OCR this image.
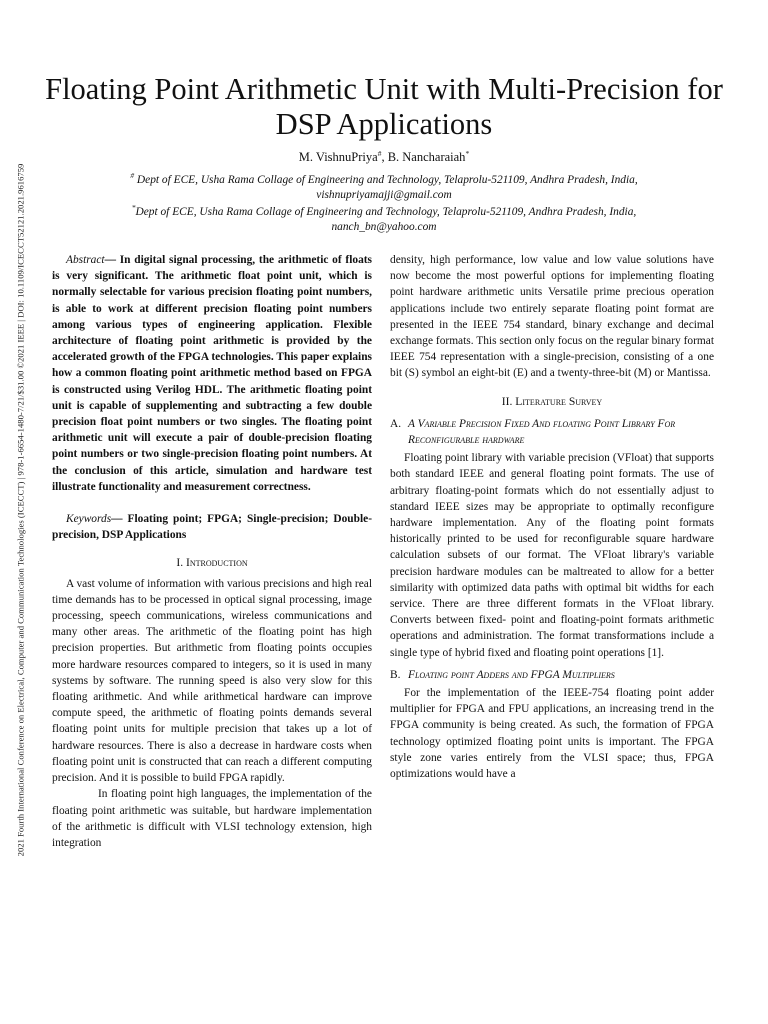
2021 Fourth International Conference on Electrical, Computer and Communication Technologies (ICECCT) | 978-1-6654-1480-7/21/$31.00 ©2021 IEEE | DOI: 10.1109/ICECCT52121.2021.9616759
Floating Point Arithmetic Unit with Multi-Precision for DSP Applications
M. VishnuPriya#, B. Nancharaiah*
# Dept of ECE, Usha Rama Collage of Engineering and Technology, Telaprolu-521109, Andhra Pradesh, India,
vishnupriyamajji@gmail.com
*Dept of ECE, Usha Rama Collage of Engineering and Technology, Telaprolu-521109, Andhra Pradesh, India,
nanch_bn@yahoo.com

Abstract— In digital signal processing, the arithmetic of floats is very significant. The arithmetic float point unit, which is normally selectable for various precision floating point numbers, is able to work at different precision floating point numbers among various types of engineering application. Flexible architecture of floating point arithmetic is provided by the accelerated growth of the FPGA technologies. This paper explains how a common floating point arithmetic method based on FPGA is constructed using Verilog HDL. The arithmetic floating point unit is capable of supplementing and subtracting a few double precision float point numbers or two singles. The floating point arithmetic unit will execute a pair of double-precision floating point numbers or two single-precision floating point numbers. At the conclusion of this article, simulation and hardware test illustrate functionality and measurement correctness.

Keywords— Floating point; FPGA; Single-precision; Double-precision, DSP Applications

I. Introduction

A vast volume of information with various precisions and high real time demands has to be processed in optical signal processing, image processing, speech communications, wireless communications and many other areas. The arithmetic of the floating point has high precision properties. But arithmetic from floating points occupies more hardware resources compared to integers, so it is used in many systems by software. The running speed is also very slow for this floating arithmetic. And while arithmetical hardware can improve compute speed, the arithmetic of floating points demands several floating point units for multiple precision that takes up a lot of hardware resources. There is also a decrease in hardware costs when floating point unit is constructed that can reach a different computing precision. And it is possible to build FPGA rapidly.

In floating point high languages, the implementation of the floating point arithmetic was suitable, but hardware implementation of the arithmetic is difficult with VLSI technology extension, high integration

density, high performance, low value and low value solutions have now become the most powerful options for implementing floating point hardware arithmetic units Versatile prime precious operation applications include two entirely separate floating point format are presented in the IEEE 754 standard, binary exchange and decimal exchange formats. This section only focus on the regular binary format IEEE 754 representation with a single-precision, consisting of a one bit (S) symbol an eight-bit (E) and a twenty-three-bit (M) or Mantissa.

II. Literature Survey
A. A Variable Precision Fixed And floating Point Library For Reconfigurable hardware

Floating point library with variable precision (VFloat) that supports both standard IEEE and general floating point formats. The use of arbitrary floating-point formats which do not essentially adjust to standard IEEE sizes may be appropriate to optimally reconfigure hardware implementation. Any of the floating point formats historically printed to be used for reconfigurable square hardware calculation subsets of our format. The VFloat library's variable precision hardware modules can be maltreated to allow for a better similarity with optimized data paths with optimal bit widths for each service. There are three different formats in the VFloat library. Converts between fixed- point and floating-point formats arithmetic operations and administration. The format transformations include a single type of hybrid fixed and floating point operations [1].

B. Floating point Adders and FPGA Multipliers

For the implementation of the IEEE-754 floating point adder multiplier for FPGA and FPU applications, an increasing trend in the FPGA community is being created. As such, the formation of FPGA technology optimized floating point units is important. The FPGA style zone varies entirely from the VLSI space; thus, FPGA optimizations would have a
